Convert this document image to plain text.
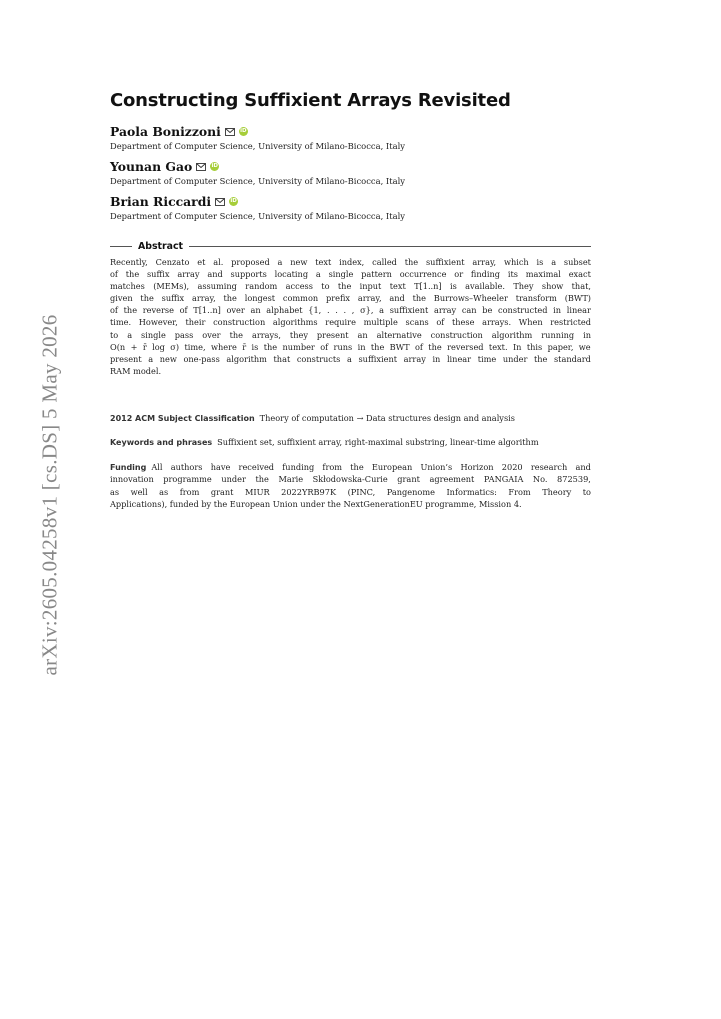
arXiv:2605.04258v1 [cs.DS] 5 May 2026
Constructing Suffixient Arrays Revisited
Paola Bonizzoni	iD
Department of Computer Science, University of Milano-Bicocca, Italy
Younan Gao	iD
Department of Computer Science, University of Milano-Bicocca, Italy
Brian Riccardi	iD
Department of Computer Science, University of Milano-Bicocca, Italy
Abstract
Recently, Cenzato et al. proposed a new text index, called the suffixient array, which is a subset
of the suffix array and supports locating a single pattern occurrence or finding its maximal exact
matches (MEMs), assuming random access to the input text T[1..n] is available. They show that,
given the suffix array, the longest common prefix array, and the Burrows–Wheeler transform (BWT)
of the reverse of T[1..n] over an alphabet {1, . . . , σ}, a suffixient array can be constructed in linear
time. However, their construction algorithms require multiple scans of these arrays. When restricted
to a single pass over the arrays, they present an alternative construction algorithm running in
O(n + r̄ log σ) time, where r̄ is the number of runs in the BWT of the reversed text. In this paper, we
present a new one-pass algorithm that constructs a suffixient array in linear time under the standard
RAM model.
2012 ACM Subject Classification Theory of computation → Data structures design and analysis
Keywords and phrases Suffixient set, suffixient array, right-maximal substring, linear-time algorithm
Funding All authors have received funding from the European Union’s Horizon 2020 research and
innovation programme under the Marie Skłodowska-Curie grant agreement PANGAIA No. 872539,
as well as from grant MIUR 2022YRB97K (PINC, Pangenome Informatics: From Theory to
Applications), funded by the European Union under the NextGenerationEU programme, Mission 4.
